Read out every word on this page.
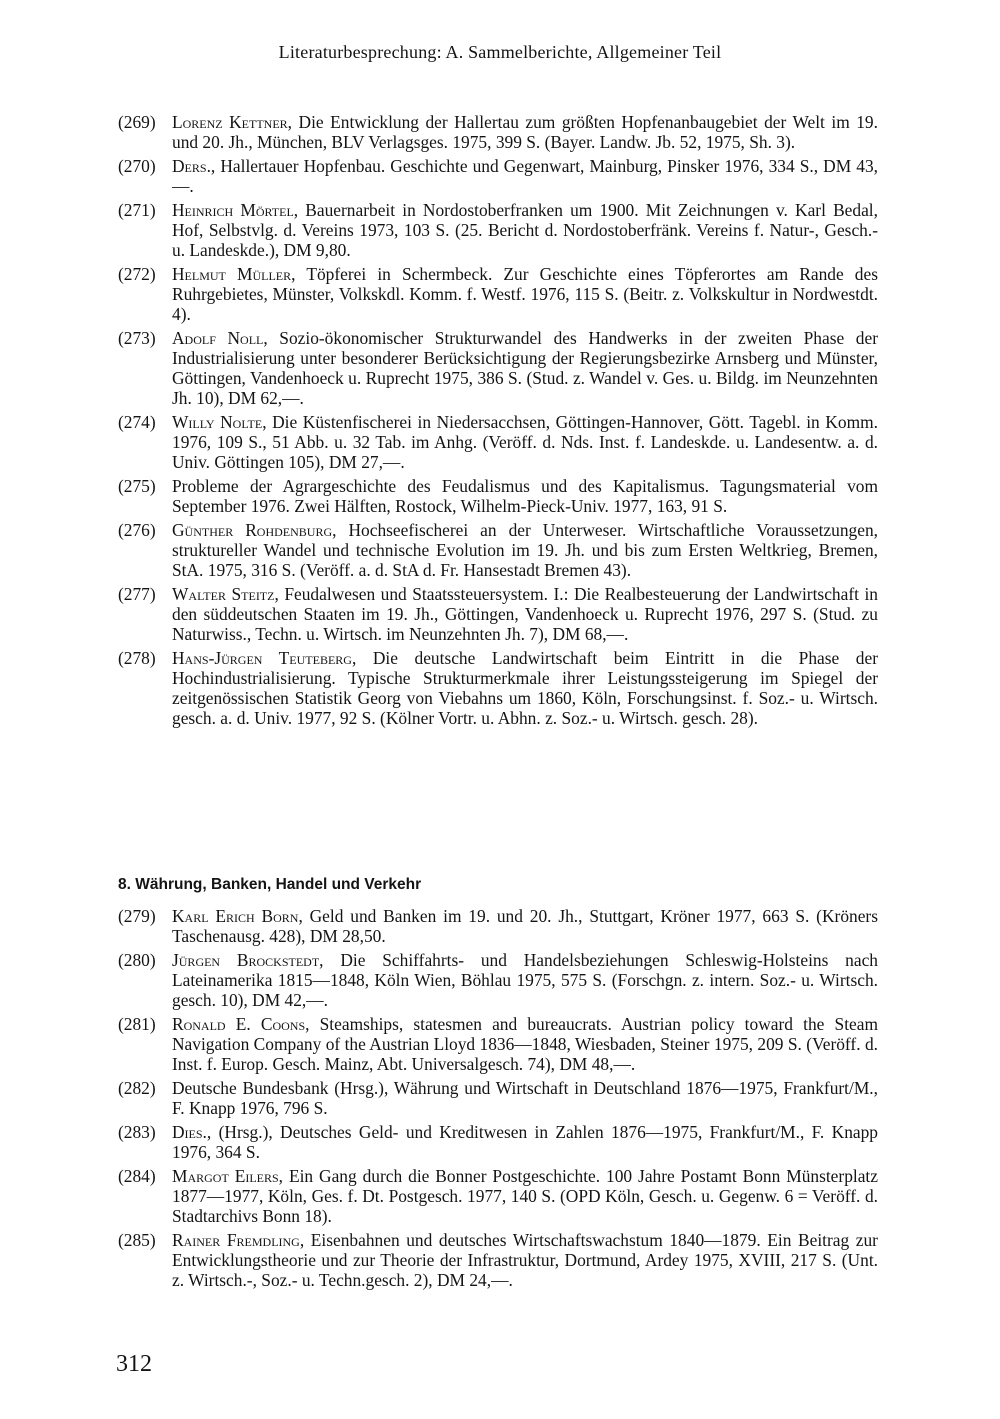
Literaturbesprechung: A. Sammelberichte, Allgemeiner Teil

(269) Lorenz Kettner, Die Entwicklung der Hallertau zum größten Hopfenanbaugebiet der Welt im 19. und 20. Jh., München, BLV Verlagsges. 1975, 399 S. (Bayer. Landw. Jb. 52, 1975, Sh. 3).

(270) Ders., Hallertauer Hopfenbau. Geschichte und Gegenwart, Mainburg, Pinsker 1976, 334 S., DM 43,—.

(271) Heinrich Mörtel, Bauernarbeit in Nordostoberfranken um 1900. Mit Zeichnungen v. Karl Bedal, Hof, Selbstvlg. d. Vereins 1973, 103 S. (25. Bericht d. Nordostoberfränk. Vereins f. Natur-, Gesch.- u. Landeskde.), DM 9,80.

(272) Helmut Müller, Töpferei in Schermbeck. Zur Geschichte eines Töpferortes am Rande des Ruhrgebietes, Münster, Volkskdl. Komm. f. Westf. 1976, 115 S. (Beitr. z. Volkskultur in Nordwestdt. 4).

(273) Adolf Noll, Sozio-ökonomischer Strukturwandel des Handwerks in der zweiten Phase der Industrialisierung unter besonderer Berücksichtigung der Regierungsbezirke Arnsberg und Münster, Göttingen, Vandenhoeck u. Ruprecht 1975, 386 S. (Stud. z. Wandel v. Ges. u. Bildg. im Neunzehnten Jh. 10), DM 62,—.

(274) Willy Nolte, Die Küstenfischerei in Niedersacchsen, Göttingen-Hannover, Gött. Tagebl. in Komm. 1976, 109 S., 51 Abb. u. 32 Tab. im Anhg. (Veröff. d. Nds. Inst. f. Landeskde. u. Landesentw. a. d. Univ. Göttingen 105), DM 27,—.

(275) Probleme der Agrargeschichte des Feudalismus und des Kapitalismus. Tagungsmaterial vom September 1976. Zwei Hälften, Rostock, Wilhelm-Pieck-Univ. 1977, 163, 91 S.

(276) Günther Rohdenburg, Hochseefischerei an der Unterweser. Wirtschaftliche Voraussetzungen, struktureller Wandel und technische Evolution im 19. Jh. und bis zum Ersten Weltkrieg, Bremen, StA. 1975, 316 S. (Veröff. a. d. StA d. Fr. Hansestadt Bremen 43).

(277) Walter Steitz, Feudalwesen und Staatssteuersystem. I.: Die Realbesteuerung der Landwirtschaft in den süddeutschen Staaten im 19. Jh., Göttingen, Vandenhoeck u. Ruprecht 1976, 297 S. (Stud. zu Naturwiss., Techn. u. Wirtsch. im Neunzehnten Jh. 7), DM 68,—.

(278) Hans-Jürgen Teuteberg, Die deutsche Landwirtschaft beim Eintritt in die Phase der Hochindustrialisierung. Typische Strukturmerkmale ihrer Leistungssteigerung im Spiegel der zeitgenössischen Statistik Georg von Viebahns um 1860, Köln, Forschungsinst. f. Soz.- u. Wirtsch. gesch. a. d. Univ. 1977, 92 S. (Kölner Vortr. u. Abhn. z. Soz.- u. Wirtsch. gesch. 28).

8. Währung, Banken, Handel und Verkehr

(279) Karl Erich Born, Geld und Banken im 19. und 20. Jh., Stuttgart, Kröner 1977, 663 S. (Kröners Taschenausg. 428), DM 28,50.

(280) Jürgen Brockstedt, Die Schiffahrts- und Handelsbeziehungen Schleswig-Holsteins nach Lateinamerika 1815—1848, Köln Wien, Böhlau 1975, 575 S. (Forschgn. z. intern. Soz.- u. Wirtsch. gesch. 10), DM 42,—.

(281) Ronald E. Coons, Steamships, statesmen and bureaucrats. Austrian policy toward the Steam Navigation Company of the Austrian Lloyd 1836—1848, Wiesbaden, Steiner 1975, 209 S. (Veröff. d. Inst. f. Europ. Gesch. Mainz, Abt. Universalgesch. 74), DM 48,—.

(282) Deutsche Bundesbank (Hrsg.), Währung und Wirtschaft in Deutschland 1876—1975, Frankfurt/M., F. Knapp 1976, 796 S.

(283) Dies., (Hrsg.), Deutsches Geld- und Kreditwesen in Zahlen 1876—1975, Frankfurt/M., F. Knapp 1976, 364 S.

(284) Margot Eilers, Ein Gang durch die Bonner Postgeschichte. 100 Jahre Postamt Bonn Münsterplatz 1877—1977, Köln, Ges. f. Dt. Postgesch. 1977, 140 S. (OPD Köln, Gesch. u. Gegenw. 6 = Veröff. d. Stadtarchivs Bonn 18).

(285) Rainer Fremdling, Eisenbahnen und deutsches Wirtschaftswachstum 1840—1879. Ein Beitrag zur Entwicklungstheorie und zur Theorie der Infrastruktur, Dortmund, Ardey 1975, XVIII, 217 S. (Unt. z. Wirtsch.-, Soz.- u. Techn.gesch. 2), DM 24,—.

312
